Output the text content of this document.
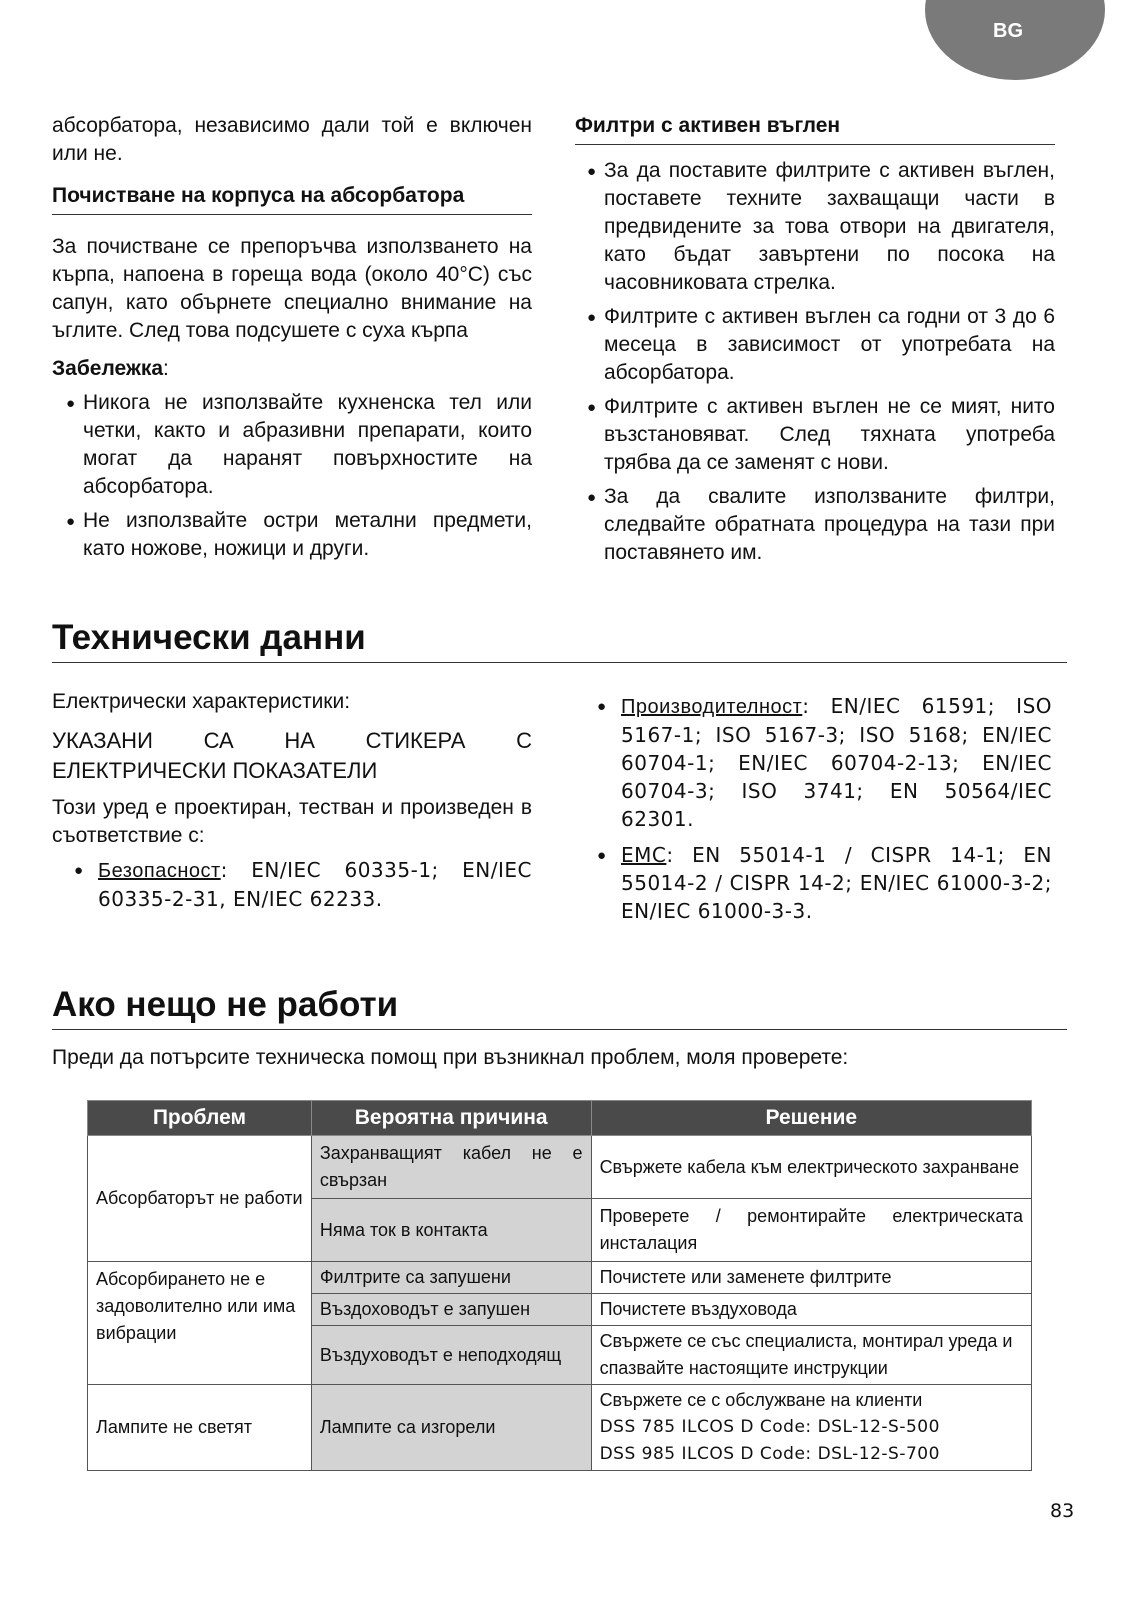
BG

абсорбатора, независимо дали той е включен или не.

Почистване на корпуса на абсорбатора

За почистване се препоръчва използването на кърпа, напоена в гореща вода (около 40°C) със сапун, като обърнете специално внимание на ъглите. След това подсушете с суха кърпа

Забележка:

● Никога не използвайте кухненска тел или четки, както и абразивни препарати, които могат да наранят повърхностите на абсорбатора.
● Не използвайте остри метални предмети, като ножове, ножици и други.
Филтри с активен въглен
● За да поставите филтрите с активен въглен, поставете техните захващащи части в предвидените за това отвори на двигателя, като бъдат завъртени по посока на часовниковата стрелка.
● Филтрите с активен въглен са годни от 3 до 6 месеца в зависимост от употребата на абсорбатора.
● Филтрите с активен въглен не се мият, нито възстановяват. След тяхната употреба трябва да се заменят с нови.
● За да свалите използваните филтри, следвайте обратната процедура на тази при поставянето им.
Технически данни

Електрически характеристики:

УКАЗАНИ СА НА СТИКЕРА С ЕЛЕКТРИЧЕСКИ ПОКАЗАТЕЛИ

Този уред е проектиран, тестван и произведен в съответствие с:

● Безопасност: EN/IEC 60335-1; EN/IEC 60335-2-31, EN/IEC 62233.
● Производителност: EN/IEC 61591; ISO 5167-1; ISO 5167-3; ISO 5168; EN/IEC 60704-1; EN/IEC 60704-2-13; EN/IEC 60704-3; ISO 3741; EN 50564/IEC 62301.
● EMC: EN 55014-1 / CISPR 14-1; EN 55014-2 / CISPR 14-2; EN/IEC 61000-3-2; EN/IEC 61000-3-3.
Ако нещо не работи

Преди да потърсите техническа помощ при възникнал проблем, моля проверете:

Проблем	Вероятна причина	Решение
Абсорбаторът не работи	Захранващият кабел не е свързан	Свържете кабела към електрическото захранване
	Няма ток в контакта	Проверете / ремонтирайте електрическата инсталация
Абсорбирането не е задоволително или има вибрации	Филтрите са запушени	Почистете или заменете филтрите
	Въздоховодът е запушен	Почистете въздуховода
	Въздуховодът е неподходящ	Свържете се със специалиста, монтирал уреда и спазвайте настоящите инструкции
Лампите не светят	Лампите са изгорели	Свържете се с обслужване на клиенти
DSS 785 ILCOS D Code: DSL-12-S-500
DSS 985 ILCOS D Code: DSL-12-S-700
83
